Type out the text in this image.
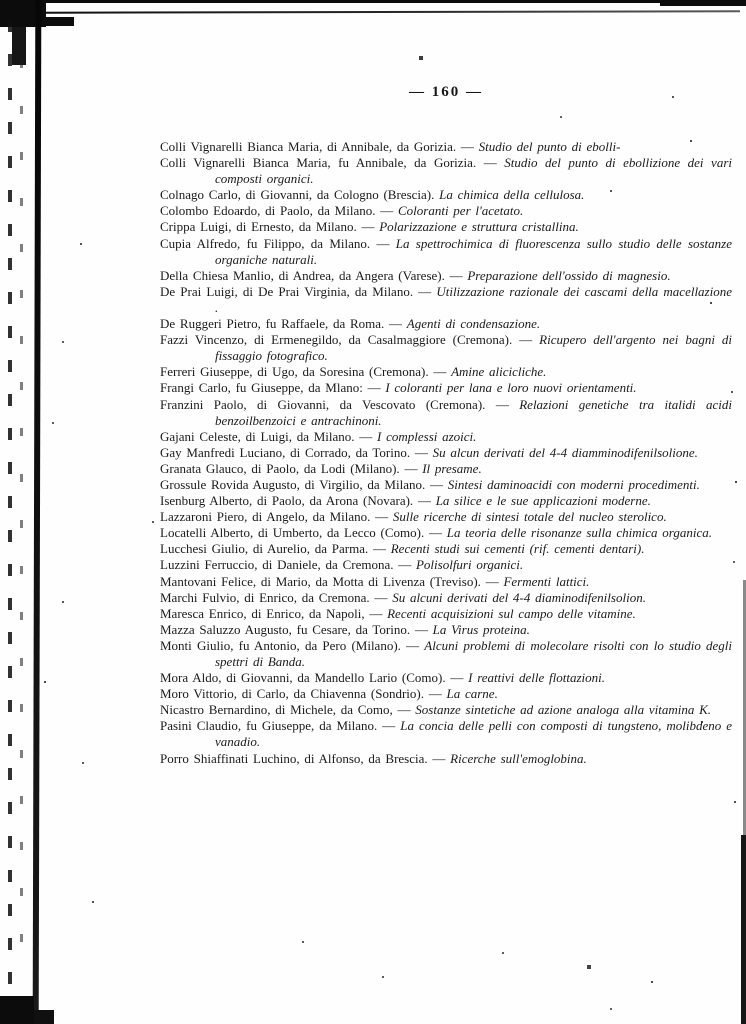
— 160 —

Colli Vignarelli Bianca Maria, di Annibale, da Gorizia. — Studio del punto di ebolli-

Colli Vignarelli Bianca Maria, fu Annibale, da Gorizia. — Studio del punto di ebollizione dei vari composti organici.

Colnago Carlo, di Giovanni, da Cologno (Brescia). La chimica della cellulosa.

Colombo Edoardo, di Paolo, da Milano. — Coloranti per l'acetato.

Crippa Luigi, di Ernesto, da Milano. — Polarizzazione e struttura cristallina.

Cupia Alfredo, fu Filippo, da Milano. — La spettrochimica di fluorescenza sullo studio delle sostanze organiche naturali.

Della Chiesa Manlio, di Andrea, da Angera (Varese). — Preparazione dell'ossido di magnesio.

De Prai Luigi, di De Prai Virginia, da Milano. — Utilizzazione razionale dei cascami della macellazione .

De Ruggeri Pietro, fu Raffaele, da Roma. — Agenti di condensazione.

Fazzi Vincenzo, di Ermenegildo, da Casalmaggiore (Cremona). — Ricupero dell'argento nei bagni di fissaggio fotografico.

Ferreri Giuseppe, di Ugo, da Soresina (Cremona). — Amine alicicliche.

Frangi Carlo, fu Giuseppe, da Mlano: — I coloranti per lana e loro nuovi orientamenti.

Franzini Paolo, di Giovanni, da Vescovato (Cremona). — Relazioni genetiche tra italidi acidi benzoilbenzoici e antrachinoni.

Gajani Celeste, di Luigi, da Milano. — I complessi azoici.

Gay Manfredi Luciano, di Corrado, da Torino. — Su alcun derivati del 4-4 diamminodifenilsolione.

Granata Glauco, di Paolo, da Lodi (Milano). — Il presame.

Grossule Rovida Augusto, di Virgilio, da Milano. — Sintesi daminoacidi con moderni procedimenti.

Isenburg Alberto, di Paolo, da Arona (Novara). — La silice e le sue applicazioni moderne.

Lazzaroni Piero, di Angelo, da Milano. — Sulle ricerche di sintesi totale del nucleo sterolico.

Locatelli Alberto, di Umberto, da Lecco (Como). — La teoria delle risonanze sulla chimica organica.

Lucchesi Giulio, di Aurelio, da Parma. — Recenti studi sui cementi (rif. cementi dentari).

Luzzini Ferruccio, di Daniele, da Cremona. — Polisolfuri organici.

Mantovani Felice, di Mario, da Motta di Livenza (Treviso). — Fermenti lattici.

Marchi Fulvio, di Enrico, da Cremona. — Su alcuni derivati del 4-4 diaminodifenilsolion.

Maresca Enrico, di Enrico, da Napoli, — Recenti acquisizioni sul campo delle vitamine.

Mazza Saluzzo Augusto, fu Cesare, da Torino. — La Virus proteina.

Monti Giulio, fu Antonio, da Pero (Milano). — Alcuni problemi di molecolare risolti con lo studio degli spettri di Banda.

Mora Aldo, di Giovanni, da Mandello Lario (Como). — I reattivi delle flottazioni.

Moro Vittorio, di Carlo, da Chiavenna (Sondrio). — La carne.

Nicastro Bernardino, di Michele, da Como, — Sostanze sintetiche ad azione analoga alla vitamina K.

Pasini Claudio, fu Giuseppe, da Milano. — La concia delle pelli con composti di tungsteno, molibdeno e vanadio.

Porro Shiaffinati Luchino, di Alfonso, da Brescia. — Ricerche sull'emoglobina.
